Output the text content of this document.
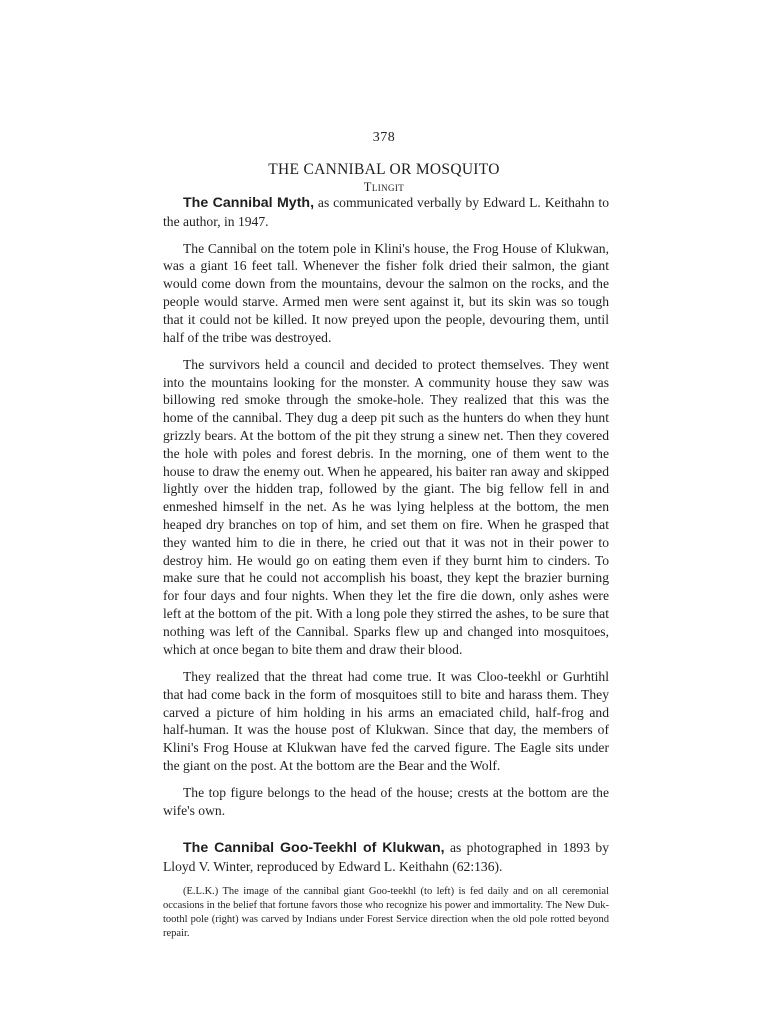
378
THE CANNIBAL OR MOSQUITO
Tlingit

The Cannibal Myth, as communicated verbally by Edward L. Keithahn to the author, in 1947.

The Cannibal on the totem pole in Klini's house, the Frog House of Klukwan, was a giant 16 feet tall. Whenever the fisher folk dried their salmon, the giant would come down from the mountains, devour the salmon on the rocks, and the people would starve. Armed men were sent against it, but its skin was so tough that it could not be killed. It now preyed upon the people, devouring them, until half of the tribe was destroyed.

The survivors held a council and decided to protect themselves. They went into the mountains looking for the monster. A community house they saw was billowing red smoke through the smoke-hole. They realized that this was the home of the cannibal. They dug a deep pit such as the hunters do when they hunt grizzly bears. At the bottom of the pit they strung a sinew net. Then they covered the hole with poles and forest debris. In the morning, one of them went to the house to draw the enemy out. When he appeared, his baiter ran away and skipped lightly over the hidden trap, followed by the giant. The big fellow fell in and enmeshed himself in the net. As he was lying helpless at the bottom, the men heaped dry branches on top of him, and set them on fire. When he grasped that they wanted him to die in there, he cried out that it was not in their power to destroy him. He would go on eating them even if they burnt him to cinders. To make sure that he could not accomplish his boast, they kept the brazier burning for four days and four nights. When they let the fire die down, only ashes were left at the bottom of the pit. With a long pole they stirred the ashes, to be sure that nothing was left of the Cannibal. Sparks flew up and changed into mosquitoes, which at once began to bite them and draw their blood.

They realized that the threat had come true. It was Cloo-teekhl or Gurhtihl that had come back in the form of mosquitoes still to bite and harass them. They carved a picture of him holding in his arms an emaciated child, half-frog and half-human. It was the house post of Klukwan. Since that day, the members of Klini's Frog House at Klukwan have fed the carved figure. The Eagle sits under the giant on the post. At the bottom are the Bear and the Wolf.

The top figure belongs to the head of the house; crests at the bottom are the wife's own.

The Cannibal Goo-Teekhl of Klukwan, as photographed in 1893 by Lloyd V. Winter, reproduced by Edward L. Keithahn (62:136).

(E.L.K.) The image of the cannibal giant Goo-teekhl (to left) is fed daily and on all ceremonial occasions in the belief that fortune favors those who recognize his power and immortality. The New Duk-toothl pole (right) was carved by Indians under Forest Service direction when the old pole rotted beyond repair.
